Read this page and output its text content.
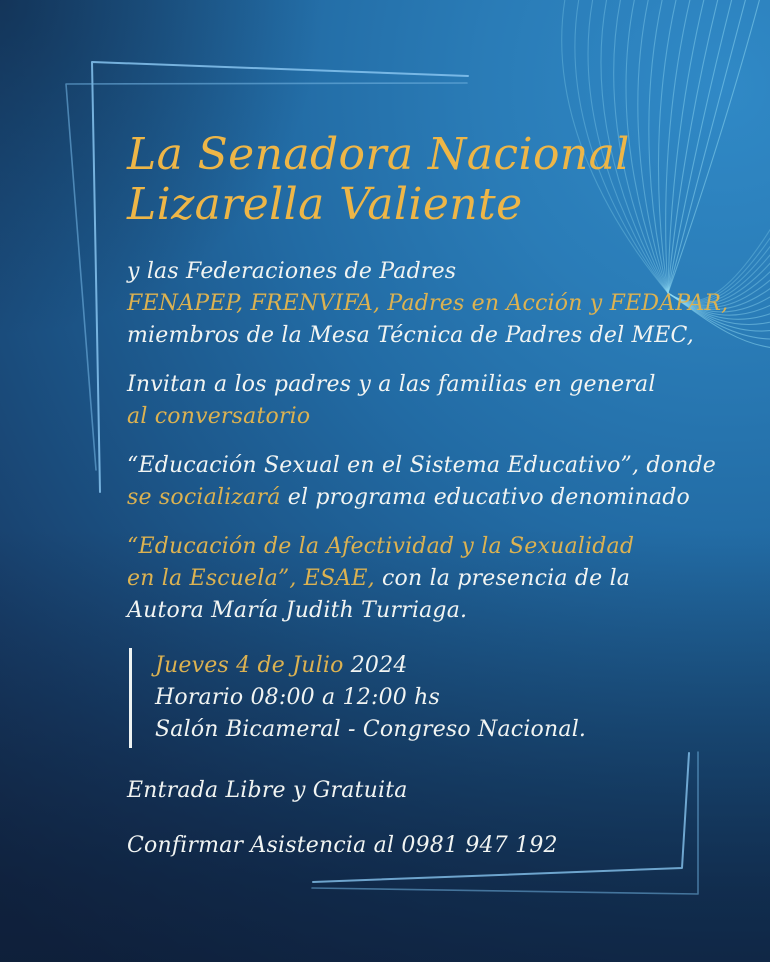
La Senadora Nacional
Lizarella Valiente
y las Federaciones de Padres
FENAPEP, FRENVIFA, Padres en Acción y FEDAPAR,
miembros de la Mesa Técnica de Padres del MEC,
Invitan a los padres y a las familias en general
al conversatorio
“Educación Sexual en el Sistema Educativo”, donde
se socializará el programa educativo denominado
“Educación de la Afectividad y la Sexualidad
en la Escuela”, ESAE, con la presencia de la
Autora María Judith Turriaga.
Jueves 4 de Julio 2024
Horario 08:00 a 12:00 hs
Salón Bicameral - Congreso Nacional.

Entrada Libre y Gratuita

Confirmar Asistencia al 0981 947 192
